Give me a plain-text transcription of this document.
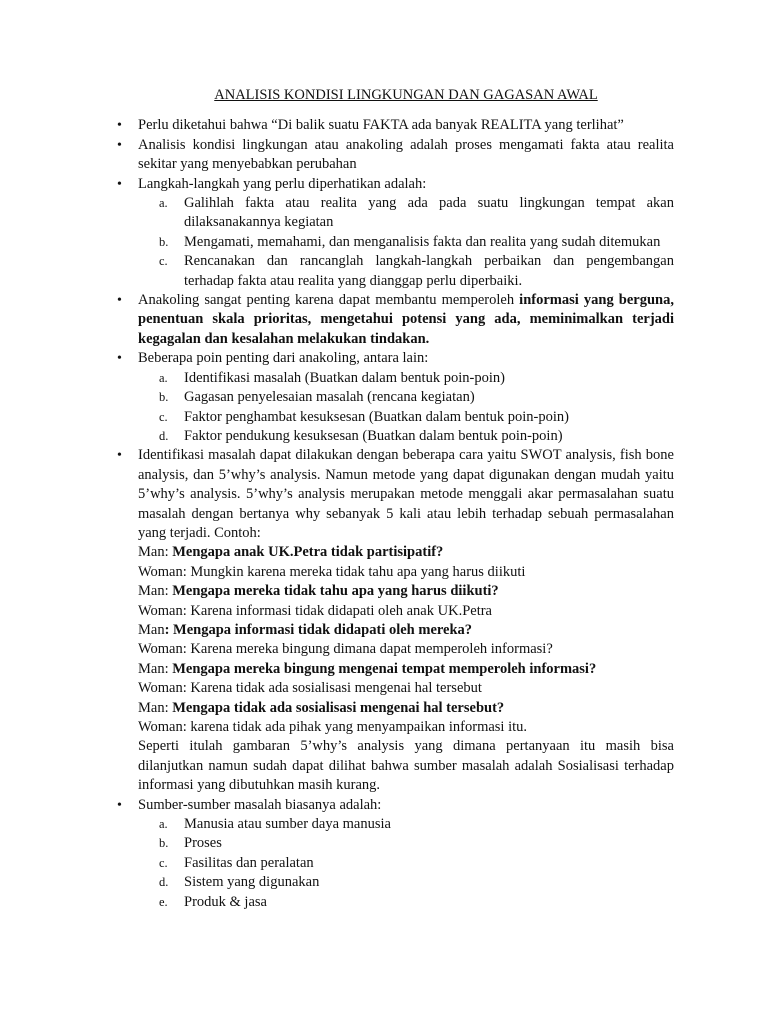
ANALISIS KONDISI LINGKUNGAN DAN GAGASAN AWAL
• Perlu diketahui bahwa “Di balik suatu FAKTA ada banyak REALITA yang terlihat”
• Analisis kondisi lingkungan atau anakoling adalah proses mengamati fakta atau realita sekitar yang menyebabkan perubahan
• Langkah-langkah yang perlu diperhatikan adalah:
a. Galihlah fakta atau realita yang ada pada suatu lingkungan tempat akan dilaksanakannya kegiatan
b. Mengamati, memahami, dan menganalisis fakta dan realita yang sudah ditemukan
c. Rencanakan dan rancanglah langkah-langkah perbaikan dan pengembangan terhadap fakta atau realita yang dianggap perlu diperbaiki.
• Anakoling sangat penting karena dapat membantu memperoleh informasi yang berguna, penentuan skala prioritas, mengetahui potensi yang ada, meminimalkan terjadi kegagalan dan kesalahan melakukan tindakan.
• Beberapa poin penting dari anakoling, antara lain:
a. Identifikasi masalah (Buatkan dalam bentuk poin-poin)
b. Gagasan penyelesaian masalah (rencana kegiatan)
c. Faktor penghambat kesuksesan (Buatkan dalam bentuk poin-poin)
d. Faktor pendukung kesuksesan (Buatkan dalam bentuk poin-poin)
• Identifikasi masalah dapat dilakukan dengan beberapa cara yaitu SWOT analysis, fish bone analysis, dan 5’why’s analysis. Namun metode yang dapat digunakan dengan mudah yaitu 5’why’s analysis. 5’why’s analysis merupakan metode menggali akar permasalahan suatu masalah dengan bertanya why sebanyak 5 kali atau lebih terhadap sebuah permasalahan yang terjadi. Contoh:
Man: Mengapa anak UK.Petra tidak partisipatif?
Woman: Mungkin karena mereka tidak tahu apa yang harus diikuti
Man: Mengapa mereka tidak tahu apa yang harus diikuti?
Woman: Karena informasi tidak didapati oleh anak UK.Petra
Man: Mengapa informasi tidak didapati oleh mereka?
Woman: Karena mereka bingung dimana dapat memperoleh informasi?
Man: Mengapa mereka bingung mengenai tempat memperoleh informasi?
Woman: Karena tidak ada sosialisasi mengenai hal tersebut
Man: Mengapa tidak ada sosialisasi mengenai hal tersebut?
Woman: karena tidak ada pihak yang menyampaikan informasi itu.
Seperti itulah gambaran 5’why’s analysis yang dimana pertanyaan itu masih bisa dilanjutkan namun sudah dapat dilihat bahwa sumber masalah adalah Sosialisasi terhadap informasi yang dibutuhkan masih kurang.
• Sumber-sumber masalah biasanya adalah:
a. Manusia atau sumber daya manusia
b. Proses
c. Fasilitas dan peralatan
d. Sistem yang digunakan
e. Produk & jasa
